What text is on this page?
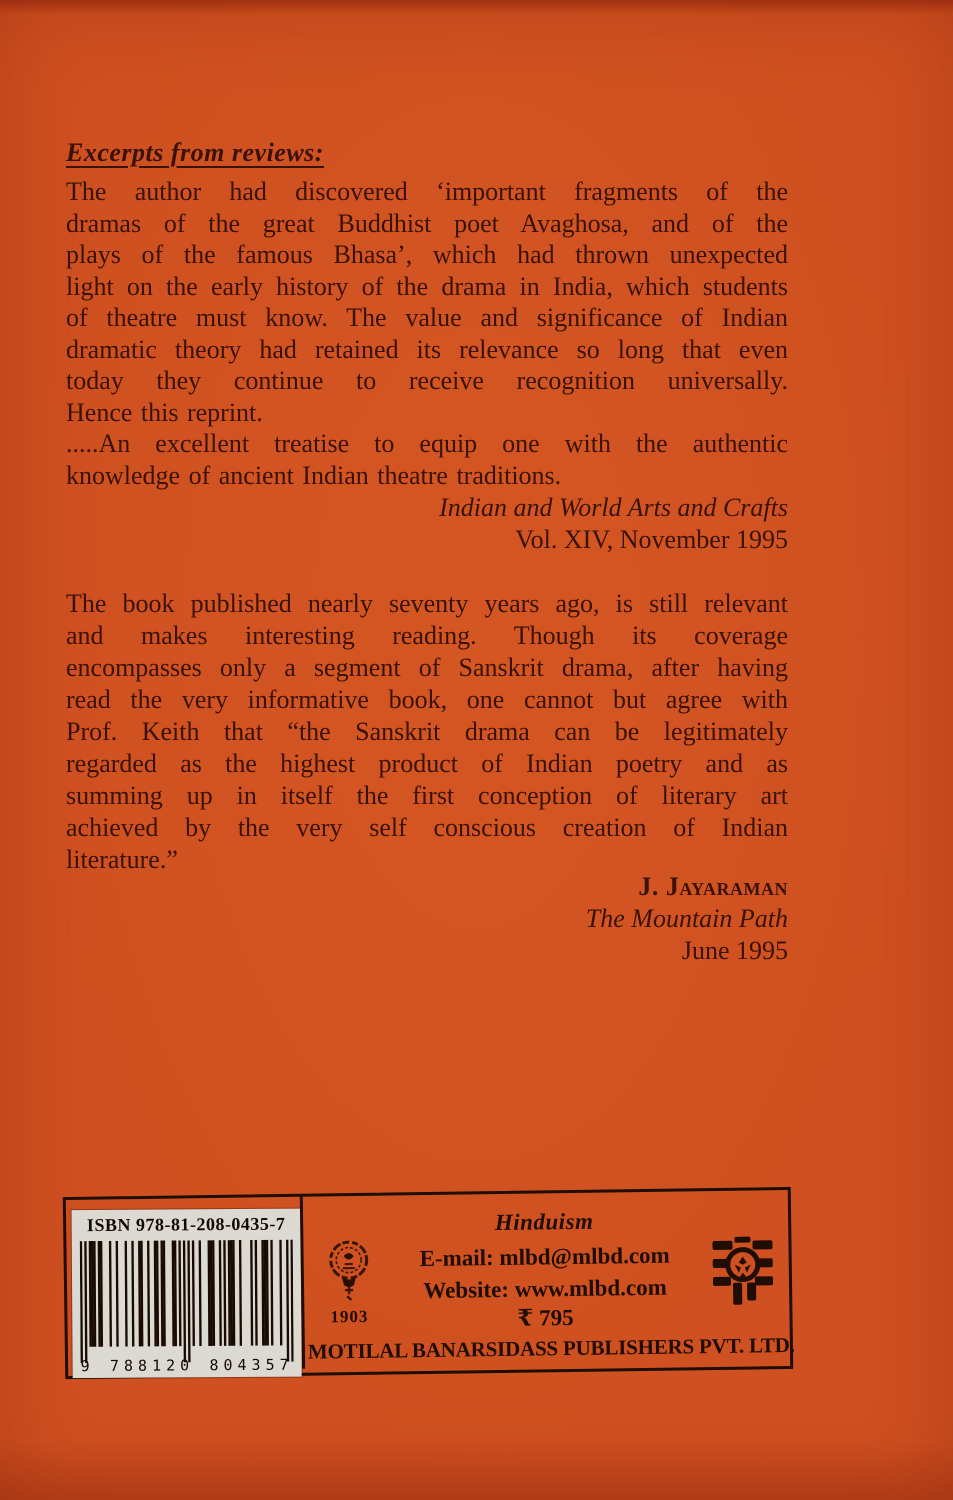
Excerpts from reviews:
The author had discovered ‘important fragments of the
dramas of the great Buddhist poet Avaghosa, and of the
plays of the famous Bhasa’, which had thrown unexpected
light on the early history of the drama in India, which students
of theatre must know. The value and significance of Indian
dramatic theory had retained its relevance so long that even
today they continue to receive recognition universally.
Hence this reprint.
.....An excellent treatise to equip one with the authentic
knowledge of ancient Indian theatre traditions.
Indian and World Arts and Crafts
Vol. XIV, November 1995
The book published nearly seventy years ago, is still relevant
and makes interesting reading. Though its coverage
encompasses only a segment of Sanskrit drama, after having
read the very informative book, one cannot but agree with
Prof. Keith that “the Sanskrit drama can be legitimately
regarded as the highest product of Indian poetry and as
summing up in itself the first conception of literary art
achieved by the very self conscious creation of Indian
literature.”
J. Jayaraman
The Mountain Path
June 1995
ISBN 978-81-208-0435-7
9 788120 804357
1903
Hinduism
E-mail: mlbd@mlbd.com
Website: www.mlbd.com
₹ 795
MOTILAL BANARSIDASS PUBLISHERS PVT. LTD.
